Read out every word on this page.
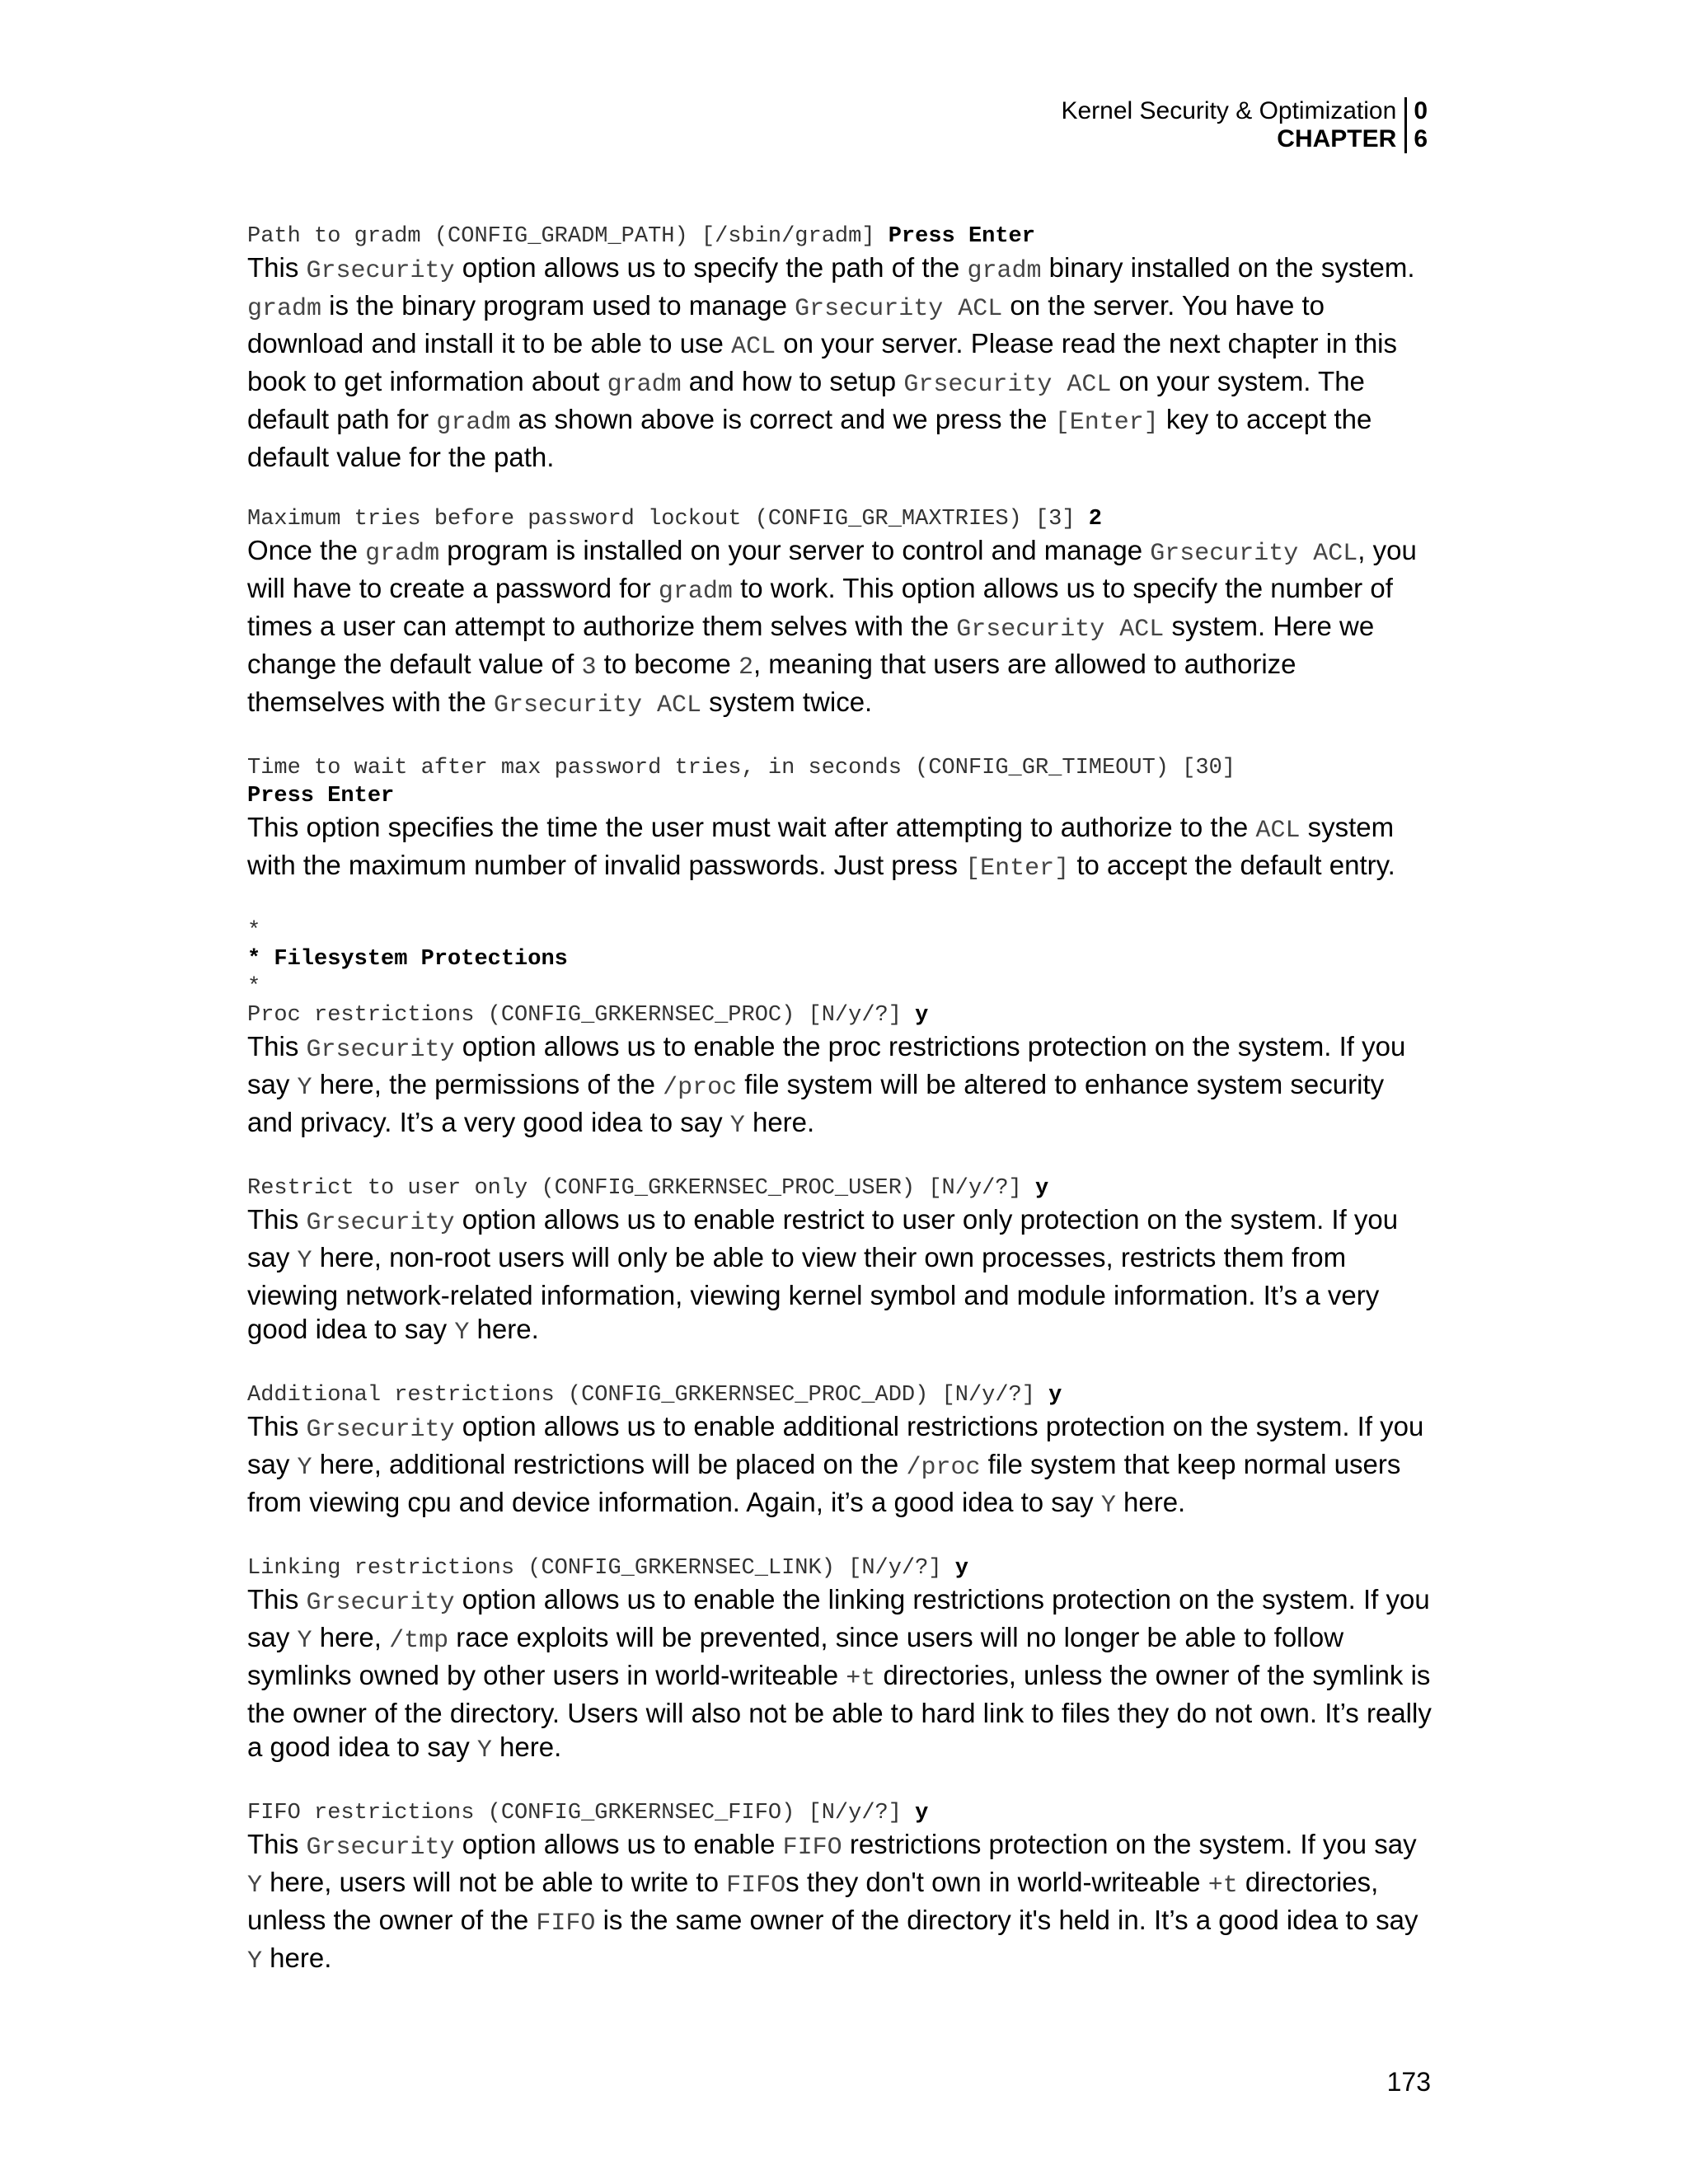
Kernel Security & Optimization
CHAPTER
0
6
Path to gradm (CONFIG_GRADM_PATH) [/sbin/gradm] Press Enter
This Grsecurity option allows us to specify the path of the gradm binary installed on the system. gradm is the binary program used to manage Grsecurity ACL on the server. You have to download and install it to be able to use ACL on your server. Please read the next chapter in this book to get information about gradm and how to setup Grsecurity ACL on your system. The default path for gradm as shown above is correct and we press the [Enter] key to accept the default value for the path.
Maximum tries before password lockout (CONFIG_GR_MAXTRIES) [3] 2
Once the gradm program is installed on your server to control and manage Grsecurity ACL, you will have to create a password for gradm to work. This option allows us to specify the number of times a user can attempt to authorize them selves with the Grsecurity ACL system. Here we change the default value of 3 to become 2, meaning that users are allowed to authorize themselves with the Grsecurity ACL system twice.
Time to wait after max password tries, in seconds (CONFIG_GR_TIMEOUT) [30]
Press Enter
This option specifies the time the user must wait after attempting to authorize to the ACL system with the maximum number of invalid passwords. Just press [Enter] to accept the default entry.
*
* Filesystem Protections
*
Proc restrictions (CONFIG_GRKERNSEC_PROC) [N/y/?] y
This Grsecurity option allows us to enable the proc restrictions protection on the system. If you say Y here, the permissions of the /proc file system will be altered to enhance system security and privacy. It’s a very good idea to say Y here.
Restrict to user only (CONFIG_GRKERNSEC_PROC_USER) [N/y/?] y
This Grsecurity option allows us to enable restrict to user only protection on the system. If you say Y here, non-root users will only be able to view their own processes, restricts them from viewing network-related information, viewing kernel symbol and module information. It’s a very good idea to say Y here.
Additional restrictions (CONFIG_GRKERNSEC_PROC_ADD) [N/y/?] y
This Grsecurity option allows us to enable additional restrictions protection on the system. If you say Y here, additional restrictions will be placed on the /proc file system that keep normal users from viewing cpu and device information. Again, it’s a good idea to say Y here.
Linking restrictions (CONFIG_GRKERNSEC_LINK) [N/y/?] y
This Grsecurity option allows us to enable the linking restrictions protection on the system. If you say Y here, /tmp race exploits will be prevented, since users will no longer be able to follow symlinks owned by other users in world-writeable +t directories, unless the owner of the symlink is the owner of the directory. Users will also not be able to hard link to files they do not own. It’s really a good idea to say Y here.
FIFO restrictions (CONFIG_GRKERNSEC_FIFO) [N/y/?] y
This Grsecurity option allows us to enable FIFO restrictions protection on the system. If you say Y here, users will not be able to write to FIFOs they don't own in world-writeable +t directories, unless the owner of the FIFO is the same owner of the directory it's held in. It’s a good idea to say Y here.
173
